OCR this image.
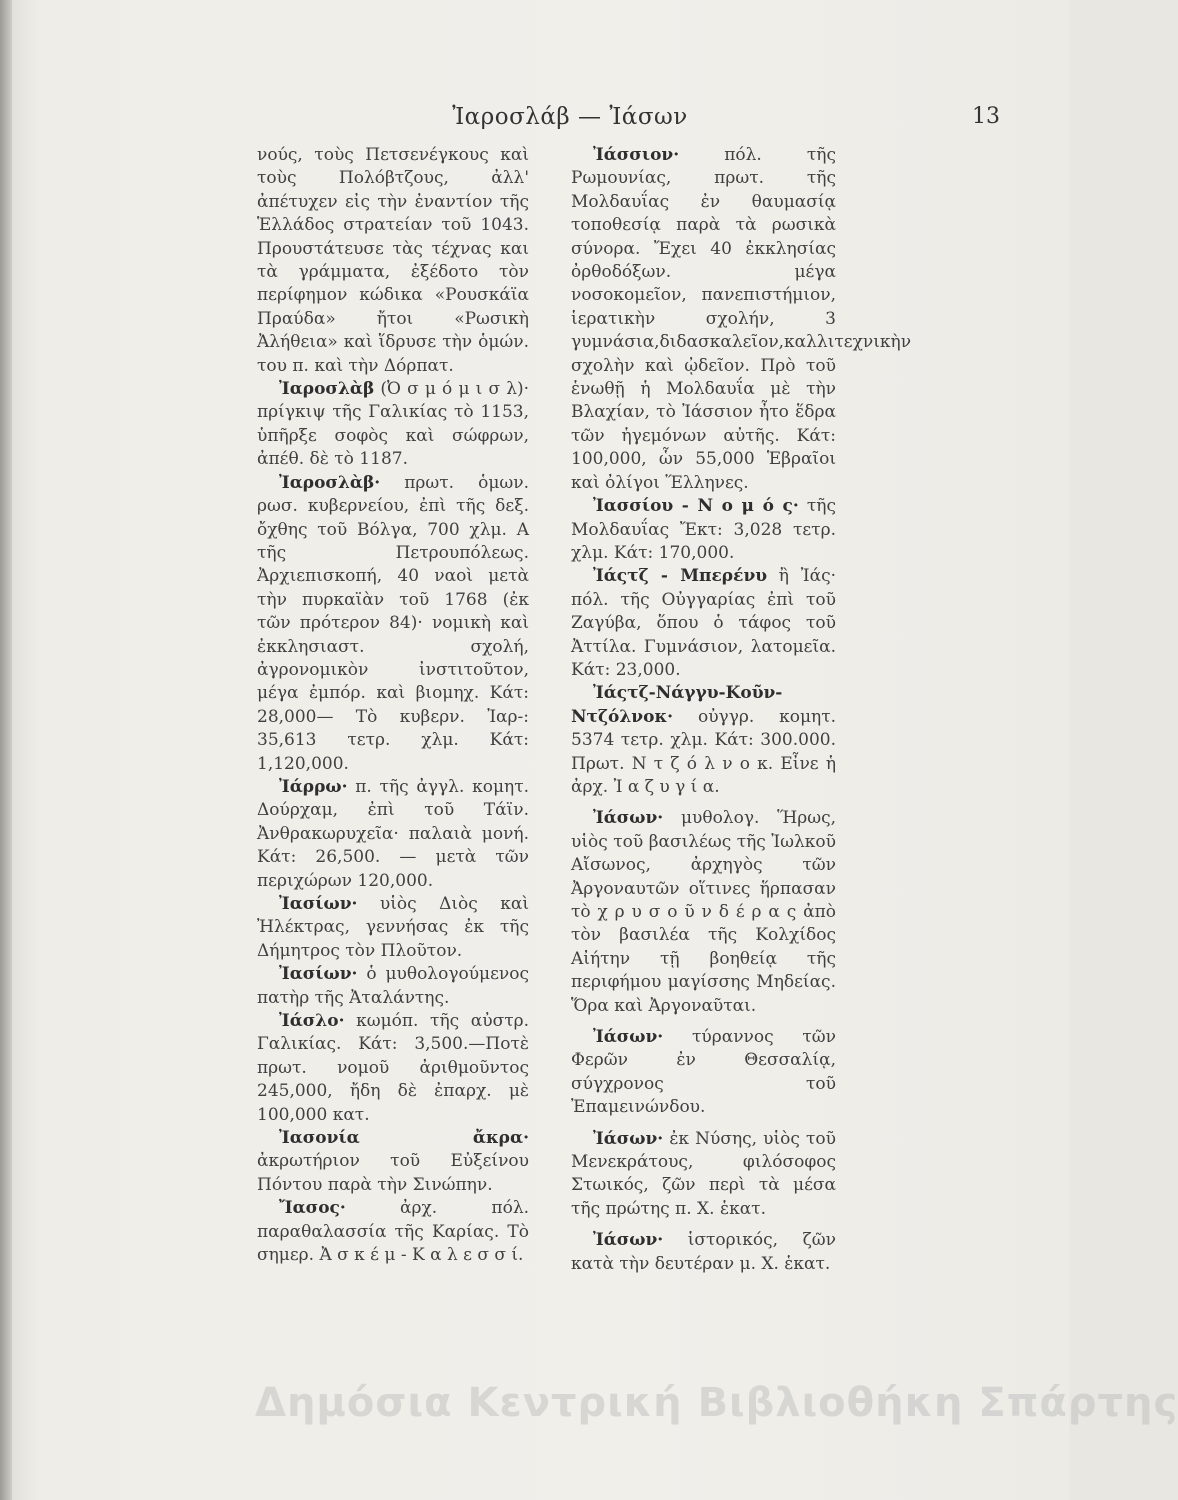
Ἰαροσλάβ — Ἰάσων	13

νούς, τοὺς Πετσενέγκους καὶ τοὺς Πολόβτζους, ἀλλ' ἀπέτυχεν εἰς τὴν ἐναντίον τῆς Ἑλλάδος στρατείαν τοῦ 1043. Προυστάτευσε τὰς τέχνας και τὰ γράμματα, ἐξέδοτο τὸν περίφημον κώδικα «Ρουσκάϊα Πραύδα» ἤτοι «Ρωσικὴ Ἀλήθεια» καὶ ἵδρυσε τὴν ὁμών. του π. καὶ τὴν Δόρπατ.

Ἰαροσλὰβ (Ὀ σ μ ό μ ι σ λ)· πρίγκιψ τῆς Γαλικίας τὸ 1153, ὑπῆρξε σοφὸς καὶ σώφρων, ἀπέθ. δὲ τὸ 1187.

Ἰαροσλὰβ· πρωτ. ὁμων. ρωσ. κυβερνείου, ἐπὶ τῆς δεξ. ὄχθης τοῦ Βόλγα, 700 χλμ. Α τῆς Πετρουπόλεως. Ἀρχιεπισκοπή, 40 ναοὶ μετὰ τὴν πυρκαϊὰν τοῦ 1768 (ἐκ τῶν πρότερον 84)· νομικὴ καὶ ἐκκλησιαστ. σχολή, ἀγρονομικὸν ἰνστιτοῦτον, μέγα ἐμπόρ. καὶ βιομηχ. Κάτ: 28,000— Τὸ κυβερν. Ἰαρ-: 35,613 τετρ. χλμ. Κάτ: 1,120,000.

Ἰάρρω· π. τῆς ἀγγλ. κομητ. Δούρχαμ, ἐπὶ τοῦ Τάϊν. Ἀνθρακωρυχεῖα· παλαιὰ μονή. Κάτ: 26,500. — μετὰ τῶν περιχώρων 120,000.

Ἰασίων· υἱὸς Διὸς καὶ Ἠλέκτρας, γεννήσας ἐκ τῆς Δήμητρος τὸν Πλοῦτον.

Ἰασίων· ὁ μυθολογούμενος πατὴρ τῆς Ἀταλάντης.

Ἰάσλο· κωμόπ. τῆς αὐστρ. Γαλικίας. Κάτ: 3,500.—Ποτὲ πρωτ. νομοῦ ἀριθμοῦντος 245,000, ἤδη δὲ ἐπαρχ. μὲ 100,000 κατ.

Ἰασονία ἄκρα· ἀκρωτήριον τοῦ Εὐξείνου Πόντου παρὰ τὴν Σινώπην.

Ἴασος·	ἀρχ. πόλ. παραθαλασσία τῆς Καρίας. Τὸ σημερ. Ἀ σ κ έ μ - Κ α λ ε σ σ ί.

Ἰάσσιον·	πόλ. τῆς Ρωμουνίας, πρωτ. τῆς Μολδαυΐας ἐν θαυμασίᾳ τοποθεσίᾳ παρὰ τὰ ρωσικὰ σύνορα. Ἔχει 40 ἐκκλησίας ὀρθοδόξων. μέγα νοσοκομεῖον, πανεπιστήμιον, ἱερατικὴν σχολήν, 3 γυμνάσια,διδασκαλεῖον,καλλιτεχνικὴν σχολὴν καὶ ᾠδεῖον. Πρὸ τοῦ ἑνωθῇ ἡ Μολδαυΐα μὲ τὴν Βλαχίαν, τὸ Ἰάσσιον ἦτο ἕδρα τῶν ἡγεμόνων αὐτῆς. Κάτ: 100,000, ὧν 55,000 Ἑβραῖοι καὶ ὀλίγοι Ἕλληνες.

Ἰασσίου - Ν ο μ ό ς· τῆς Μολδαυΐας Ἔκτ: 3,028 τετρ. χλμ. Κάτ: 170,000.

Ἰάςτζ - Μπερένυ ἢ Ἰάς· πόλ. τῆς Οὐγγαρίας ἐπὶ τοῦ Ζαγύβα, ὅπου ὁ τάφος τοῦ Ἀττίλα. Γυμνάσιον, λατομεῖα. Κάτ: 23,000.

Ἰάςτζ-Νάγγυ-Κοῦν-Ντζόλνοκ· οὐγγρ. κομητ. 5374 τετρ. χλμ. Κάτ: 300.000. Πρωτ. Ν τ ζ ό λ ν ο κ. Εἶνε ἡ ἀρχ. Ἰ α ζ υ γ ί α.

Ἰάσων· μυθολογ. Ἥρως, υἱὸς τοῦ βασιλέως τῆς Ἰωλκοῦ Αἴσωνος, ἀρχηγὸς τῶν Ἀργοναυτῶν οἵτινες ἥρπασαν τὸ χ ρ υ σ ο ῦ ν δ έ ρ α ς ἀπὸ τὸν βασιλέα τῆς Κολχίδος Αἰήτην τῇ βοηθείᾳ τῆς περιφήμου μαγίσσης Μηδείας. Ὅρα καὶ Ἀργοναῦται.

Ἰάσων· τύραννος τῶν Φερῶν ἐν Θεσσαλίᾳ, σύγχρονος τοῦ Ἐπαμεινώνδου.

Ἰάσων· ἐκ Νύσης, υἱὸς τοῦ Μενεκράτους, φιλόσοφος Στωικός, ζῶν περὶ τὰ μέσα τῆς πρώτης π. Χ. ἑκατ.

Ἰάσων· ἱστορικός, ζῶν κατὰ τὴν δευτέραν μ. Χ. ἑκατ.

Δημόσια Κεντρική Βιβλιοθήκη Σπάρτης
